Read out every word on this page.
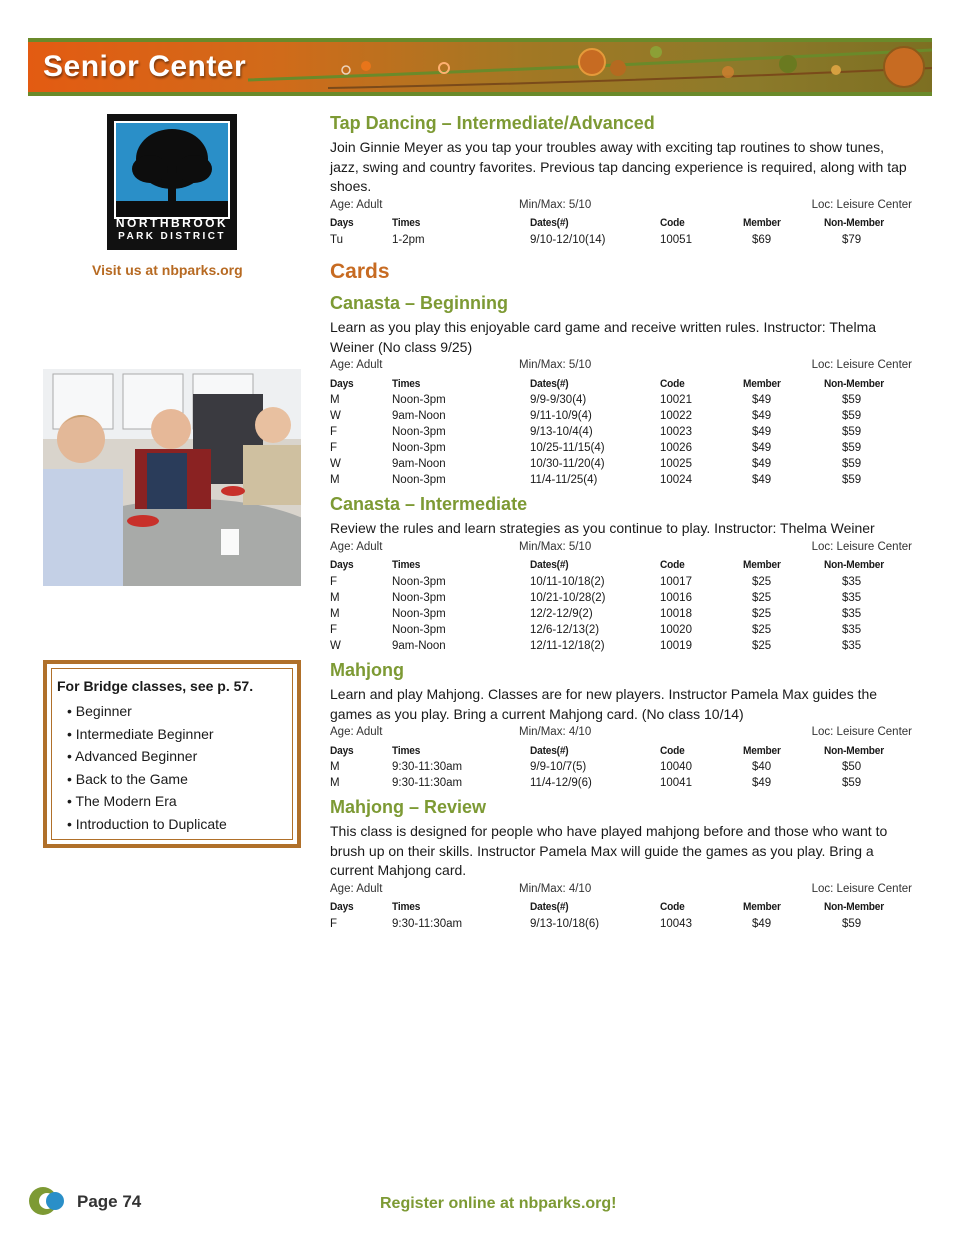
Senior Center
NORTHBROOK
PARK DISTRICT
Visit us at nbparks.org
For Bridge classes, see p. 57.
• Beginner
• Intermediate Beginner
• Advanced Beginner
• Back to the Game
• The Modern Era
• Introduction to Duplicate
Cards
Tap Dancing – Intermediate/Advanced
Join Ginnie Meyer as you tap your troubles away with exciting tap routines to show tunes, jazz, swing and country favorites. Previous tap dancing experience is required, along with tap shoes.
Age: Adult	Min/Max: 5/10	Loc: Leisure Center
Days	Times	Dates(#)	Code	Member	Non-Member
Tu	1-2pm	9/10-12/10(14)	10051	$69	$79
Canasta – Beginning
Learn as you play this enjoyable card game and receive written rules. Instructor: Thelma Weiner (No class 9/25)
Age: Adult	Min/Max: 5/10	Loc: Leisure Center
Days	Times	Dates(#)	Code	Member	Non-Member
M	Noon-3pm	9/9-9/30(4)	10021	$49	$59
W	9am-Noon	9/11-10/9(4)	10022	$49	$59
F	Noon-3pm	9/13-10/4(4)	10023	$49	$59
F	Noon-3pm	10/25-11/15(4)	10026	$49	$59
W	9am-Noon	10/30-11/20(4)	10025	$49	$59
M	Noon-3pm	11/4-11/25(4)	10024	$49	$59
Canasta – Intermediate
Review the rules and learn strategies as you continue to play. Instructor: Thelma Weiner
Age: Adult	Min/Max: 5/10	Loc: Leisure Center
Days	Times	Dates(#)	Code	Member	Non-Member
F	Noon-3pm	10/11-10/18(2)	10017	$25	$35
M	Noon-3pm	10/21-10/28(2)	10016	$25	$35
M	Noon-3pm	12/2-12/9(2)	10018	$25	$35
F	Noon-3pm	12/6-12/13(2)	10020	$25	$35
W	9am-Noon	12/11-12/18(2)	10019	$25	$35
Mahjong
Learn and play Mahjong. Classes are for new players. Instructor Pamela Max guides the games as you play. Bring a current Mahjong card. (No class 10/14)
Age: Adult	Min/Max: 4/10	Loc: Leisure Center
Days	Times	Dates(#)	Code	Member	Non-Member
M	9:30-11:30am	9/9-10/7(5)	10040	$40	$50
M	9:30-11:30am	11/4-12/9(6)	10041	$49	$59
Mahjong – Review
This class is designed for people who have played mahjong before and those who want to brush up on their skills. Instructor Pamela Max will guide the games as you play. Bring a current Mahjong card.
Age: Adult	Min/Max: 4/10	Loc: Leisure Center
Days	Times	Dates(#)	Code	Member	Non-Member
F	9:30-11:30am	9/13-10/18(6)	10043	$49	$59
Page 74	Register online at nbparks.org!
